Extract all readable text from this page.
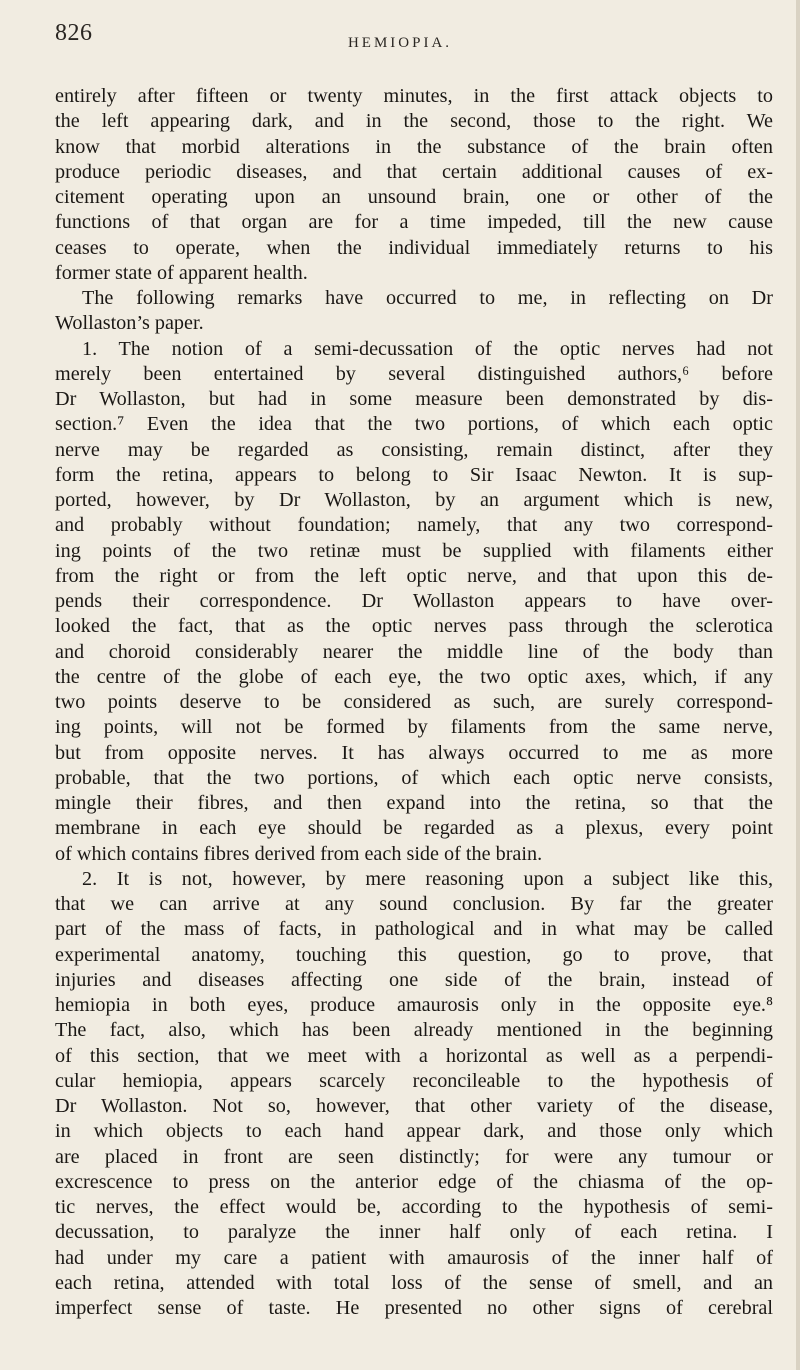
826	HEMIOPIA.
entirely after fifteen or twenty minutes, in the first attack objects to
the left appearing dark, and in the second, those to the right. We
know that morbid alterations in the substance of the brain often
produce periodic diseases, and that certain additional causes of ex-
citement operating upon an unsound brain, one or other of the
functions of that organ are for a time impeded, till the new cause
ceases to operate, when the individual immediately returns to his
former state of apparent health.
The following remarks have occurred to me, in reflecting on Dr
Wollaston’s paper.
1. The notion of a semi-decussation of the optic nerves had not
merely been entertained by several distinguished authors,⁶ before
Dr Wollaston, but had in some measure been demonstrated by dis-
section.⁷ Even the idea that the two portions, of which each optic
nerve may be regarded as consisting, remain distinct, after they
form the retina, appears to belong to Sir Isaac Newton. It is sup-
ported, however, by Dr Wollaston, by an argument which is new,
and probably without foundation; namely, that any two correspond-
ing points of the two retinæ must be supplied with filaments either
from the right or from the left optic nerve, and that upon this de-
pends their correspondence. Dr Wollaston appears to have over-
looked the fact, that as the optic nerves pass through the sclerotica
and choroid considerably nearer the middle line of the body than
the centre of the globe of each eye, the two optic axes, which, if any
two points deserve to be considered as such, are surely correspond-
ing points, will not be formed by filaments from the same nerve,
but from opposite nerves. It has always occurred to me as more
probable, that the two portions, of which each optic nerve consists,
mingle their fibres, and then expand into the retina, so that the
membrane in each eye should be regarded as a plexus, every point
of which contains fibres derived from each side of the brain.
2. It is not, however, by mere reasoning upon a subject like this,
that we can arrive at any sound conclusion. By far the greater
part of the mass of facts, in pathological and in what may be called
experimental anatomy, touching this question, go to prove, that
injuries and diseases affecting one side of the brain, instead of
hemiopia in both eyes, produce amaurosis only in the opposite eye.⁸
The fact, also, which has been already mentioned in the beginning
of this section, that we meet with a horizontal as well as a perpendi-
cular hemiopia, appears scarcely reconcileable to the hypothesis of
Dr Wollaston. Not so, however, that other variety of the disease,
in which objects to each hand appear dark, and those only which
are placed in front are seen distinctly; for were any tumour or
excrescence to press on the anterior edge of the chiasma of the op-
tic nerves, the effect would be, according to the hypothesis of semi-
decussation, to paralyze the inner half only of each retina. I
had under my care a patient with amaurosis of the inner half of
each retina, attended with total loss of the sense of smell, and an
imperfect sense of taste. He presented no other signs of cerebral
